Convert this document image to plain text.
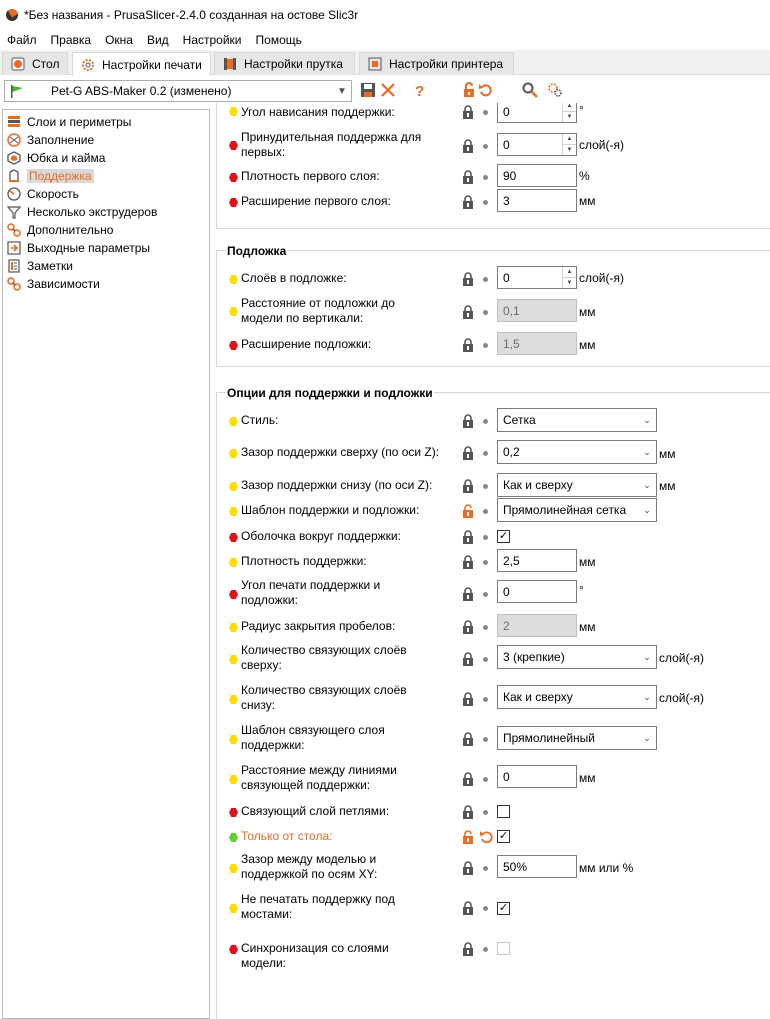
*Без названия - PrusaSlicer-2.4.0 созданная на остове Slic3r
Файл	Правка	Окна	Вид	Настройки	Помощь
Стол	Настройки печати	Настройки прутка	Настройки принтера
Pet-G ABS-Maker 0.2 (изменено)	▼	?
Слои и периметры
Заполнение
Юбка и кайма
Поддержка
Скорость
Несколько экструдеров
Дополнительно
Выходные параметры
Заметки
Зависимости
Угол нависания поддержки:	0	▲
▼ °
Принудительная поддержка для первых:
0	▲
▼ слой(-я)
Плотность первого слоя:	90	%
Расширение первого слоя:	3	мм
Подложка
Слоёв в подложке:	0	▲
▼ слой(-я)
Расстояние от подложки до модели по вертикали:
0,1	мм
Расширение подложки:	1,5	мм
Опции для поддержки и подложки
Стиль:	Сетка	⌄
Зазор поддержки сверху (по оси Z):	0,2	⌄ мм
Зазор поддержки снизу (по оси Z):	Как и сверху	⌄ мм
Шаблон поддержки и подложки:	Прямолинейная сетка	⌄
Оболочка вокруг поддержки:	✓
Плотность поддержки:	2,5	мм
Угол печати поддержки и подложки:
0	°
Радиус закрытия пробелов:	2	мм
Количество связующих слоёв сверху:
3 (крепкие)	⌄ слой(-я)
Количество связующих слоёв снизу:
Как и сверху	⌄ слой(-я)
Шаблон связующего слоя поддержки:	Прямолинейный	⌄
Расстояние между линиями связующей поддержки:
0	мм
Связующий слой петлями:
Только от стола:	✓
Зазор между моделью и поддержкой по осям XY:
50%	мм или %
Не печатать поддержку под мостами:	✓
Синхронизация со слоями модели:
